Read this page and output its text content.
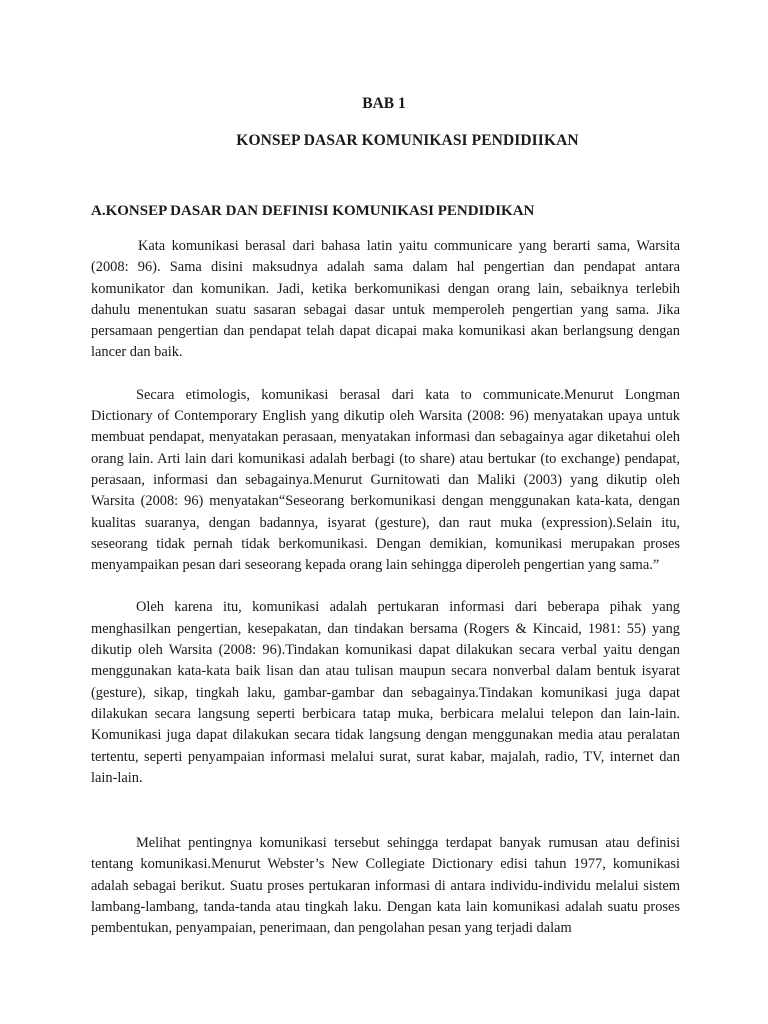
BAB 1
KONSEP DASAR KOMUNIKASI PENDIDIIKAN
A.KONSEP DASAR DAN DEFINISI KOMUNIKASI PENDIDIKAN

Kata komunikasi berasal dari bahasa latin yaitu communicare yang berarti sama, Warsita (2008: 96). Sama disini maksudnya adalah sama dalam hal pengertian dan pendapat antara komunikator dan komunikan. Jadi, ketika berkomunikasi dengan orang lain, sebaiknya terlebih dahulu menentukan suatu sasaran sebagai dasar untuk memperoleh pengertian yang sama. Jika persamaan pengertian dan pendapat telah dapat dicapai maka komunikasi akan berlangsung dengan lancer dan baik.

Secara etimologis, komunikasi berasal dari kata to communicate.Menurut Longman Dictionary of Contemporary English yang dikutip oleh Warsita (2008: 96) menyatakan upaya untuk membuat pendapat, menyatakan perasaan, menyatakan informasi dan sebagainya agar diketahui oleh orang lain. Arti lain dari komunikasi adalah berbagi (to share) atau bertukar (to exchange) pendapat, perasaan, informasi dan sebagainya.Menurut Gurnitowati dan Maliki (2003) yang dikutip oleh Warsita (2008: 96) menyatakan“Seseorang berkomunikasi dengan menggunakan kata-kata, dengan kualitas suaranya, dengan badannya, isyarat (gesture), dan raut muka (expression).Selain itu, seseorang tidak pernah tidak berkomunikasi. Dengan demikian, komunikasi merupakan proses menyampaikan pesan dari seseorang kepada orang lain sehingga diperoleh pengertian yang sama.”

Oleh karena itu, komunikasi adalah pertukaran informasi dari beberapa pihak yang menghasilkan pengertian, kesepakatan, dan tindakan bersama (Rogers & Kincaid, 1981: 55) yang dikutip oleh Warsita (2008: 96).Tindakan komunikasi dapat dilakukan secara verbal yaitu dengan menggunakan kata-kata baik lisan dan atau tulisan maupun secara nonverbal dalam bentuk isyarat (gesture), sikap, tingkah laku, gambar-gambar dan sebagainya.Tindakan komunikasi juga dapat dilakukan secara langsung seperti berbicara tatap muka, berbicara melalui telepon dan lain-lain. Komunikasi juga dapat dilakukan secara tidak langsung dengan menggunakan media atau peralatan tertentu, seperti penyampaian informasi melalui surat, surat kabar, majalah, radio, TV, internet dan lain-lain.

Melihat pentingnya komunikasi tersebut sehingga terdapat banyak rumusan atau definisi tentang komunikasi.Menurut Webster’s New Collegiate Dictionary edisi tahun 1977, komunikasi adalah sebagai berikut. Suatu proses pertukaran informasi di antara individu-individu melalui sistem lambang-lambang, tanda-tanda atau tingkah laku. Dengan kata lain komunikasi adalah suatu proses pembentukan, penyampaian, penerimaan, dan pengolahan pesan yang terjadi dalam
